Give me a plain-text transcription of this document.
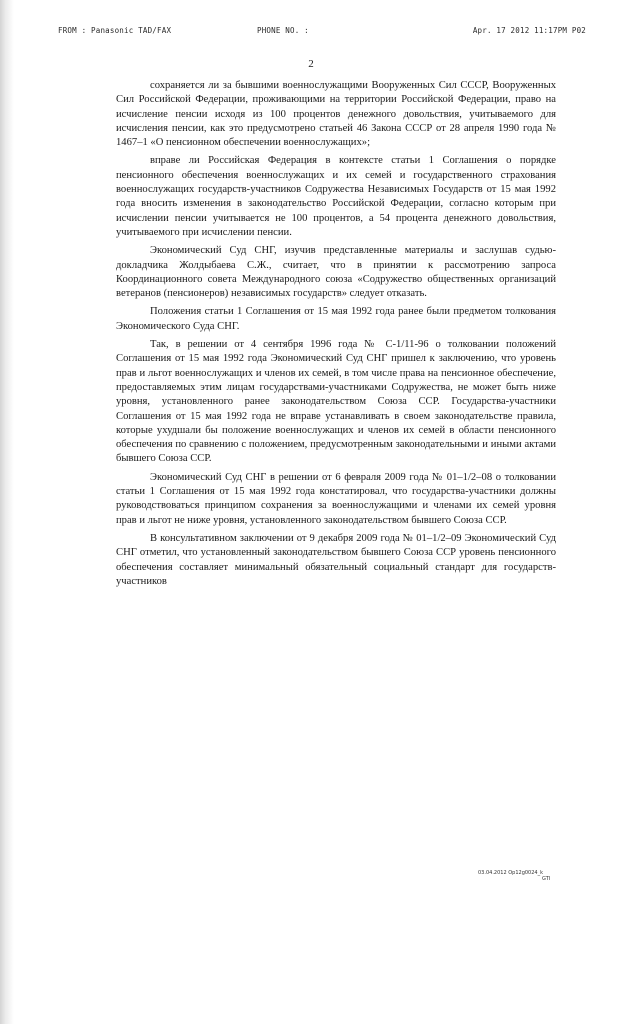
FROM : Panasonic TAD/FAX	PHONE NO. :	Apr. 17 2012 11:17PM P02
2

сохраняется ли за бывшими военнослужащими Вооруженных Сил СССР, Вооруженных Сил Российской Федерации, проживающими на территории Российской Федерации, право на исчисление пенсии исходя из 100 процентов денежного довольствия, учитываемого для исчисления пенсии, как это предусмотрено статьей 46 Закона СССР от 28 апреля 1990 года № 1467–1 «О пенсионном обеспечении военнослужащих»;

вправе ли Российская Федерация в контексте статьи 1 Соглашения о порядке пенсионного обеспечения военнослужащих и их семей и государственного страхования военнослужащих государств-участников Содружества Независимых Государств от 15 мая 1992 года вносить изменения в законодательство Российской Федерации, согласно которым при исчислении пенсии учитывается не 100 процентов, а 54 процента денежного довольствия, учитываемого при исчислении пенсии.

Экономический Суд СНГ, изучив представленные материалы и заслушав судью-докладчика Жолдыбаева С.Ж., считает, что в принятии к рассмотрению запроса Координационного совета Международного союза «Содружество общественных организаций ветеранов (пенсионеров) независимых государств» следует отказать.

Положения статьи 1 Соглашения от 15 мая 1992 года ранее были предметом толкования Экономического Суда СНГ.

Так, в решении от 4 сентября 1996 года № С-1/11-96 о толковании положений Соглашения от 15 мая 1992 года Экономический Суд СНГ пришел к заключению, что уровень прав и льгот военнослужащих и членов их семей, в том числе права на пенсионное обеспечение, предоставляемых этим лицам государствами-участниками Содружества, не может быть ниже уровня, установленного ранее законодательством Союза ССР. Государства-участники Соглашения от 15 мая 1992 года не вправе устанавливать в своем законодательстве правила, которые ухудшали бы положение военнослужащих и членов их семей в области пенсионного обеспечения по сравнению с положением, предусмотренным законодательными и иными актами бывшего Союза ССР.

Экономический Суд СНГ в решении от 6 февраля 2009 года № 01–1/2–08 о толковании статьи 1 Соглашения от 15 мая 1992 года констатировал, что государства-участники должны руководствоваться принципом сохранения за военнослужащими и членами их семей уровня прав и льгот не ниже уровня, установленного законодательством бывшего Союза ССР.

В консультативном заключении от 9 декабря 2009 года № 01–1/2–09 Экономический Суд СНГ отметил, что установленный законодательством бывшего Союза ССР уровень пенсионного обеспечения составляет минимальный обязательный социальный стандарт для государств-участников

03.04.2012 Op12g0024_k
GTI
